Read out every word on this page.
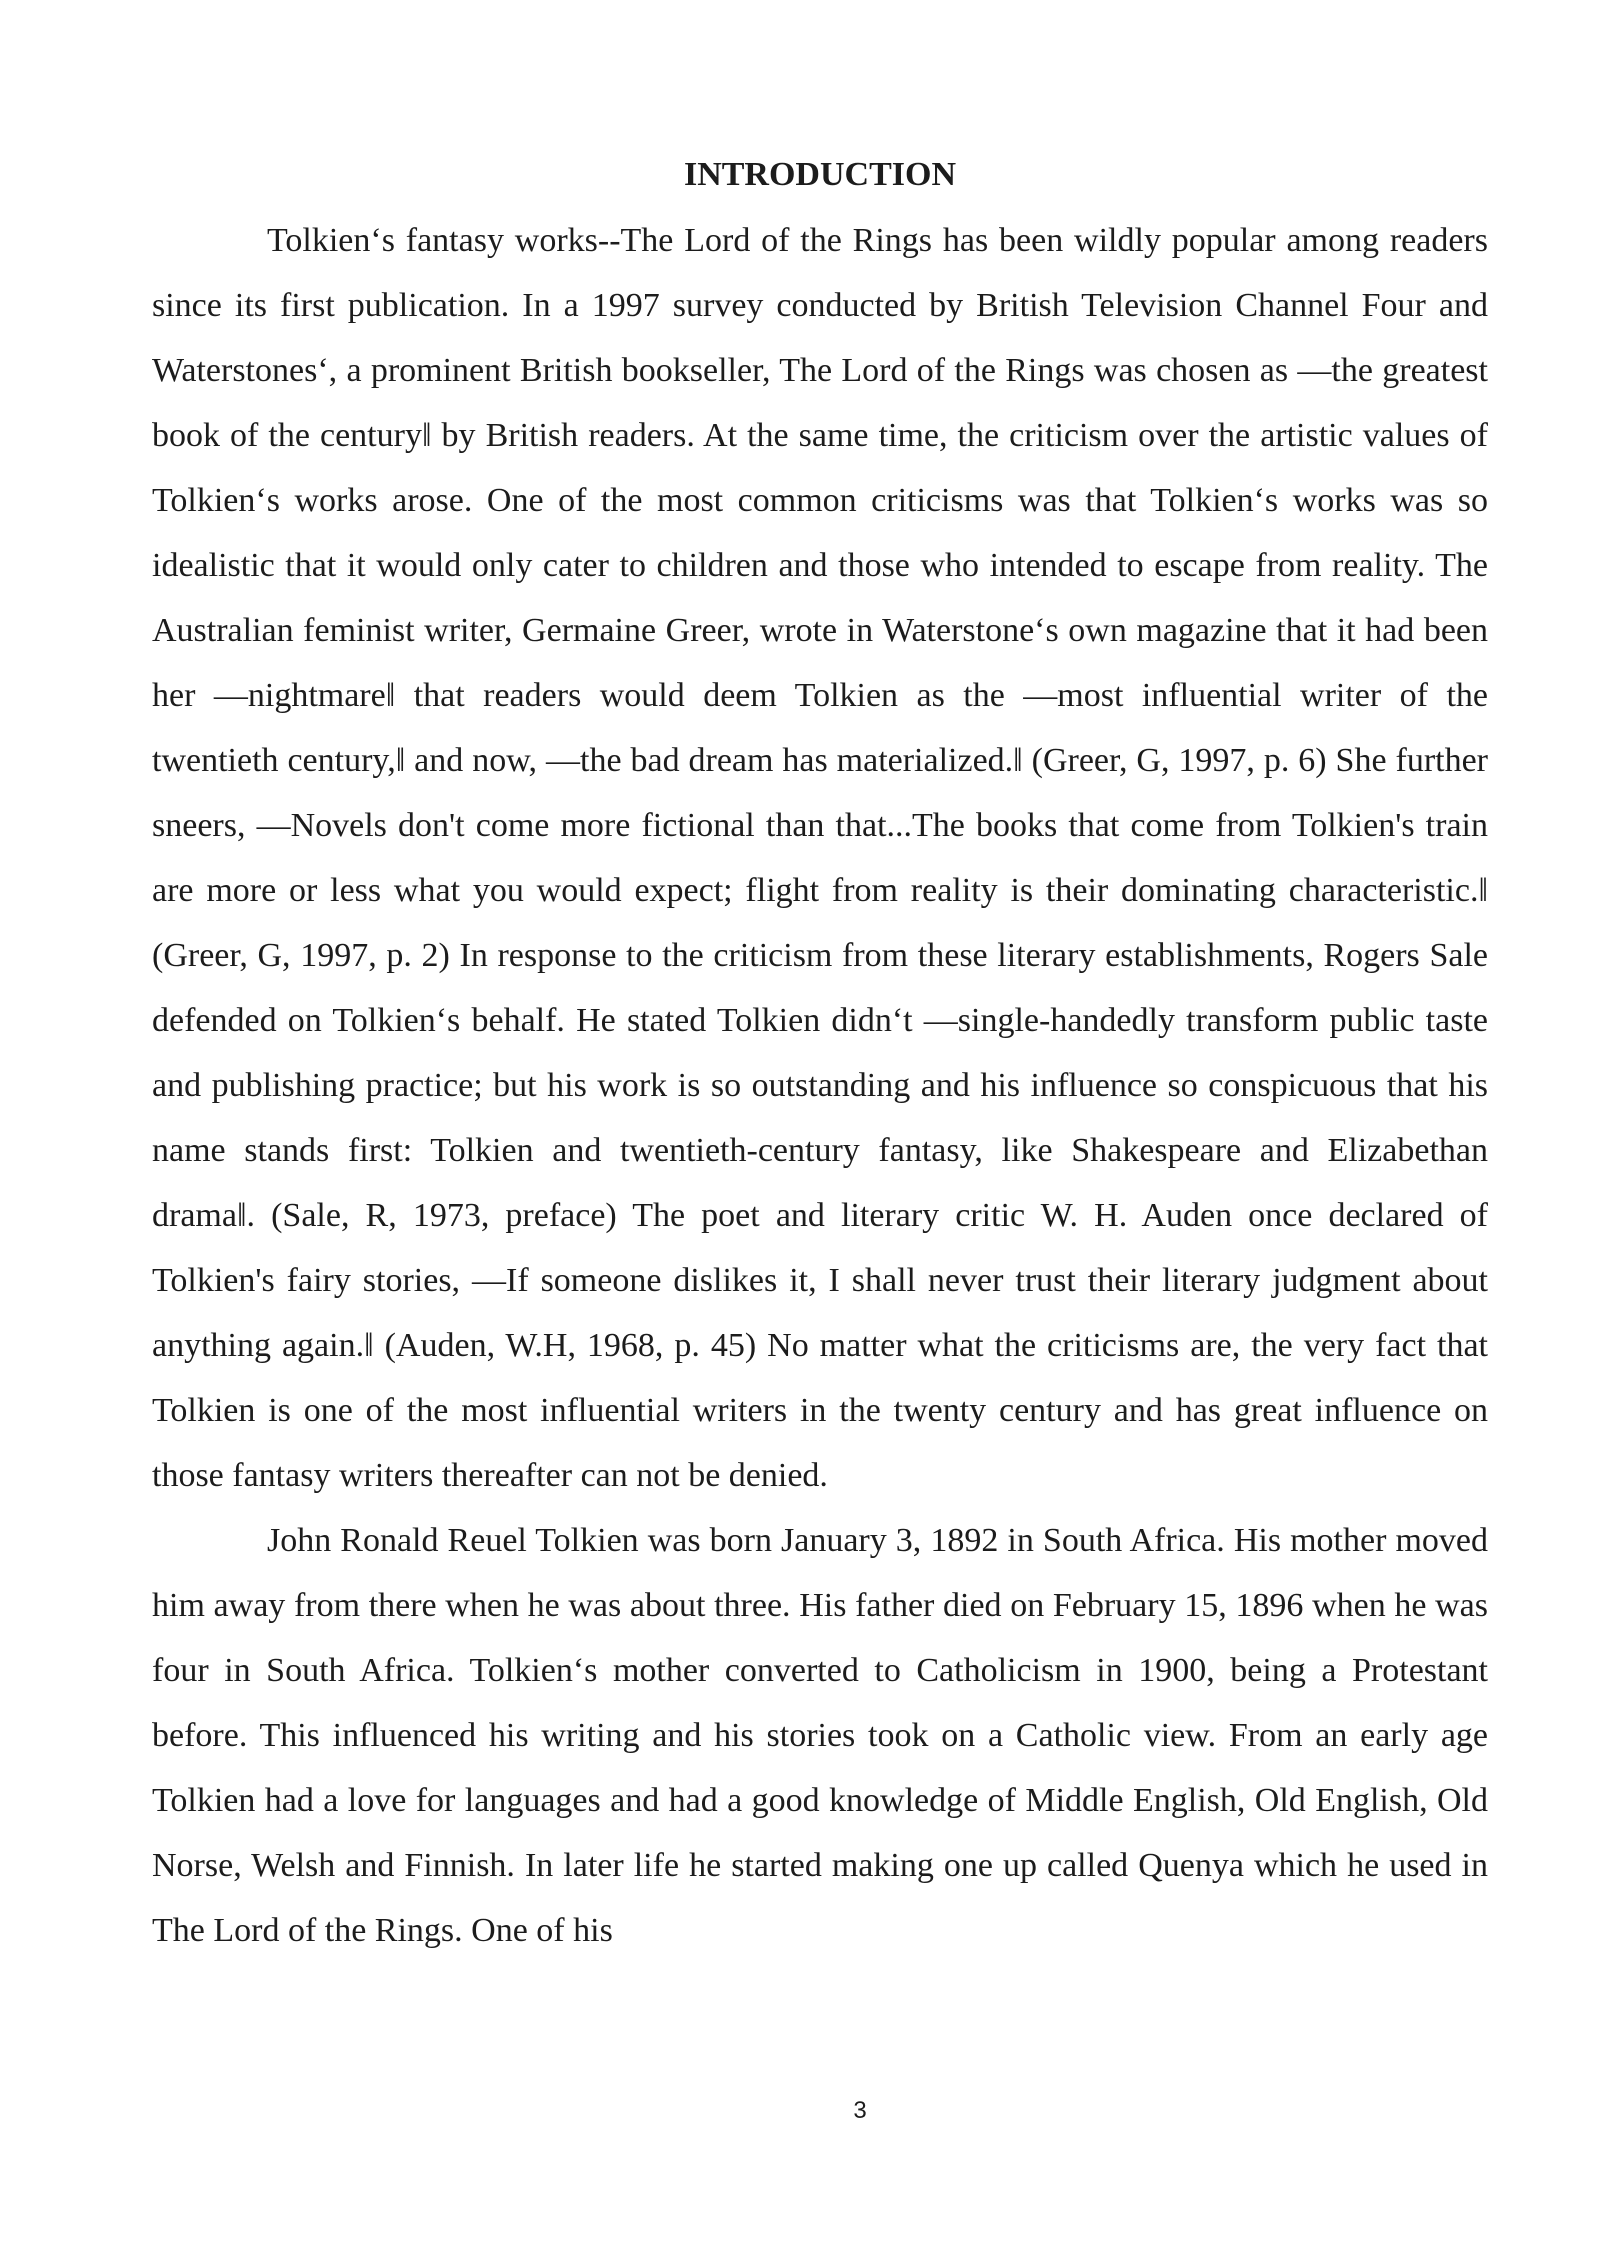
INTRODUCTION

Tolkien‘s fantasy works--The Lord of the Rings has been wildly popular among readers since its first publication. In a 1997 survey conducted by British Television Channel Four and Waterstones‘, a prominent British bookseller, The Lord of the Rings was chosen as ―the greatest book of the century‖ by British readers. At the same time, the criticism over the artistic values of Tolkien‘s works arose. One of the most common criticisms was that Tolkien‘s works was so idealistic that it would only cater to children and those who intended to escape from reality. The Australian feminist writer, Germaine Greer, wrote in Waterstone‘s own magazine that it had been her ―nightmare‖ that readers would deem Tolkien as the ―most influential writer of the twentieth century,‖ and now, ―the bad dream has materialized.‖ (Greer, G, 1997, p. 6) She further sneers, ―Novels don't come more fictional than that...The books that come from Tolkien's train are more or less what you would expect; flight from reality is their dominating characteristic.‖ (Greer, G, 1997, p. 2) In response to the criticism from these literary establishments, Rogers Sale defended on Tolkien‘s behalf. He stated Tolkien didn‘t ―single-handedly transform public taste and publishing practice; but his work is so outstanding and his influence so conspicuous that his name stands first: Tolkien and twentieth-century fantasy, like Shakespeare and Elizabethan drama‖. (Sale, R, 1973, preface) The poet and literary critic W. H. Auden once declared of Tolkien's fairy stories, ―If someone dislikes it, I shall never trust their literary judgment about anything again.‖ (Auden, W.H, 1968, p. 45) No matter what the criticisms are, the very fact that Tolkien is one of the most influential writers in the twenty century and has great influence on those fantasy writers thereafter can not be denied.

John Ronald Reuel Tolkien was born January 3, 1892 in South Africa. His mother moved him away from there when he was about three. His father died on February 15, 1896 when he was four in South Africa. Tolkien‘s mother converted to Catholicism in 1900, being a Protestant before. This influenced his writing and his stories took on a Catholic view. From an early age Tolkien had a love for languages and had a good knowledge of Middle English, Old English, Old Norse, Welsh and Finnish. In later life he started making one up called Quenya which he used in The Lord of the Rings. One of his

3
